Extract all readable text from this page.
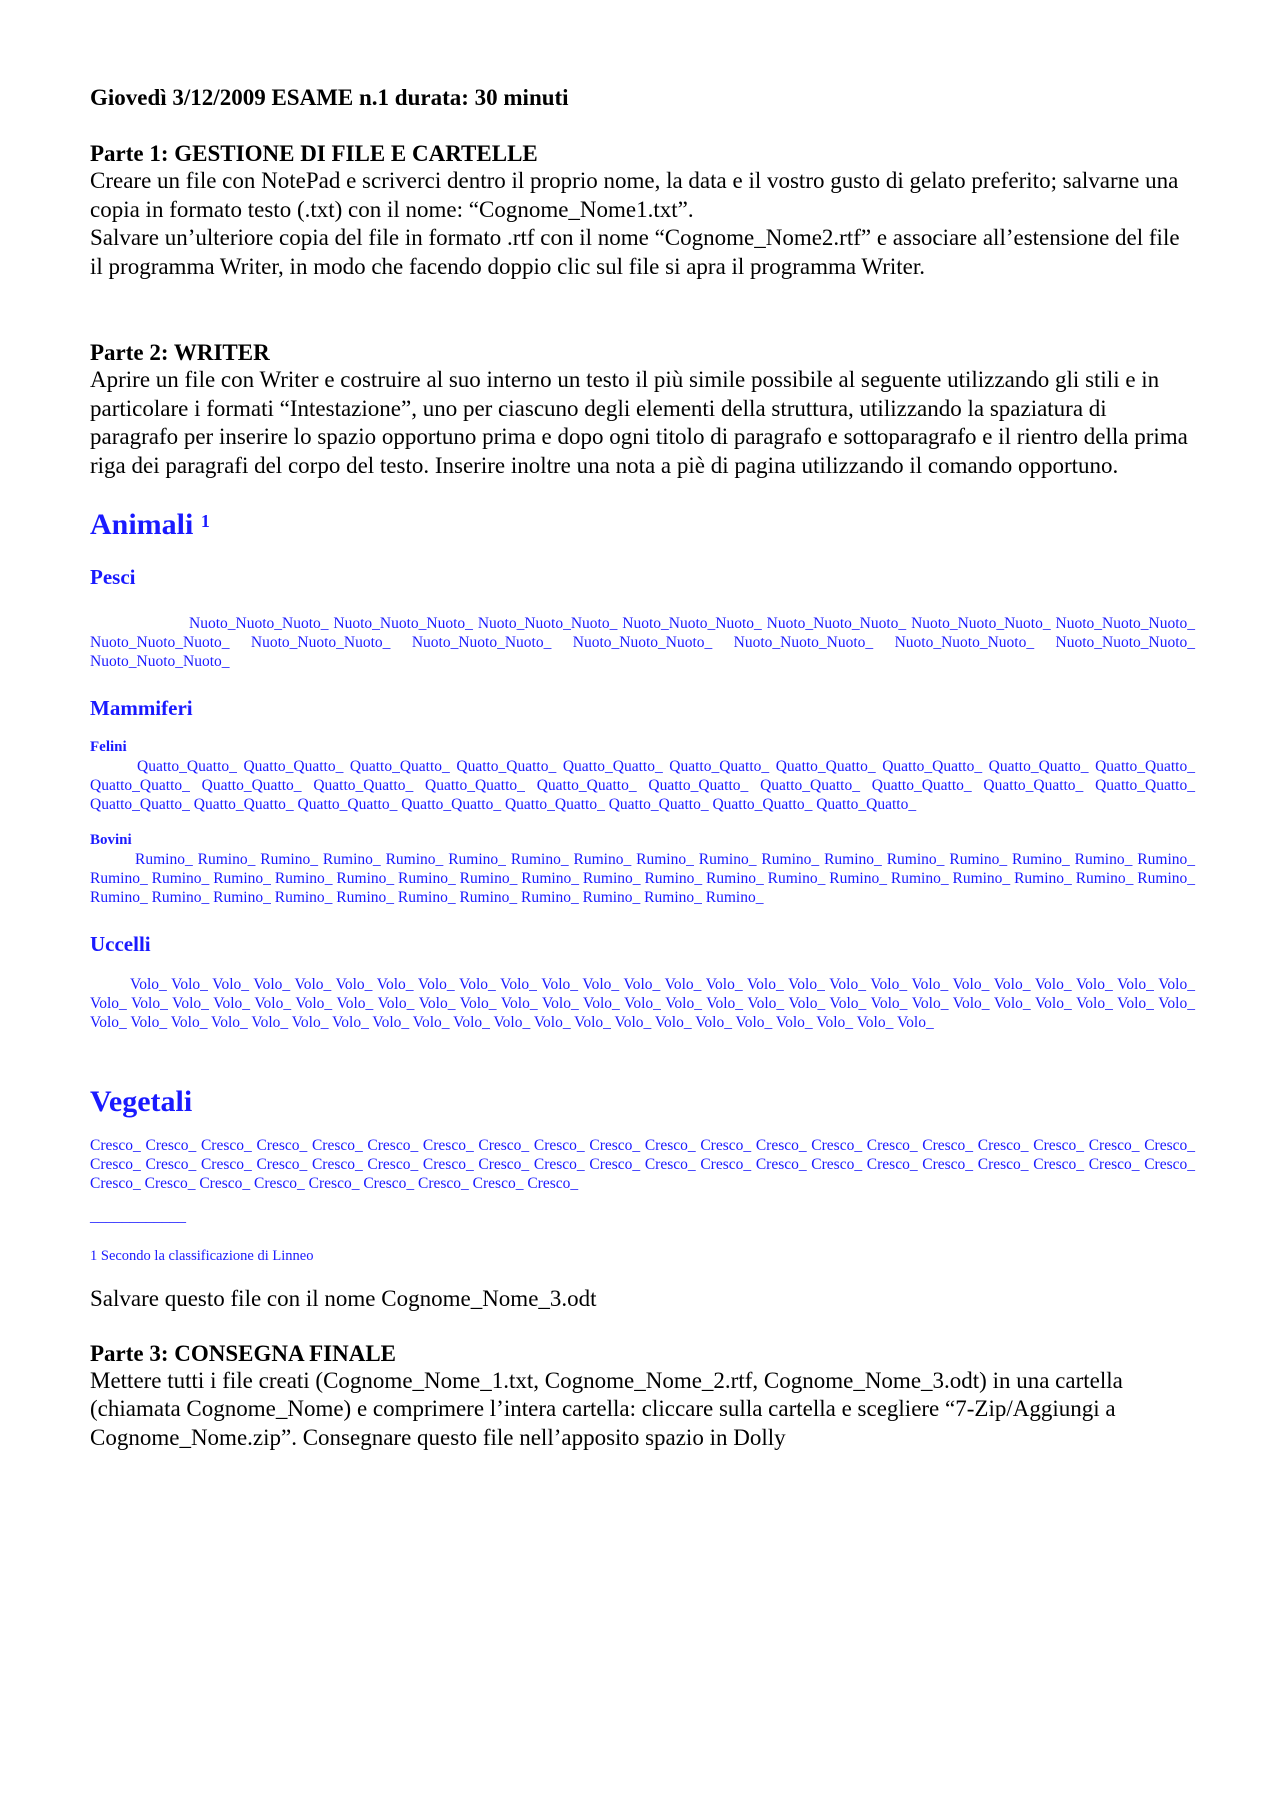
Giovedì 3/12/2009 ESAME n.1 durata: 30 minuti

Parte 1: GESTIONE DI FILE E CARTELLE

Creare un file con NotePad e scriverci dentro il proprio nome, la data e il vostro gusto di gelato preferito; salvarne una copia in formato testo (.txt) con il nome: “Cognome_Nome1.txt”.

Salvare un’ulteriore copia del file in formato .rtf con il nome “Cognome_Nome2.rtf” e associare all’estensione del file il programma Writer, in modo che facendo doppio clic sul file si apra il programma Writer.

Parte 2: WRITER

Aprire un file con Writer e costruire al suo interno un testo il più simile possibile al seguente utilizzando gli stili e in particolare i formati “Intestazione”, uno per ciascuno degli elementi della struttura, utilizzando la spaziatura di paragrafo per inserire lo spazio opportuno prima e dopo ogni titolo di paragrafo e sottoparagrafo e il rientro della prima riga dei paragrafi del corpo del testo. Inserire inoltre una nota a piè di pagina utilizzando il comando opportuno.

Animali $^1$

Pesci

Nuoto_Nuoto_Nuoto_ Nuoto_Nuoto_Nuoto_ Nuoto_Nuoto_Nuoto_ Nuoto_Nuoto_Nuoto_ Nuoto_Nuoto_Nuoto_ Nuoto_Nuoto_Nuoto_ Nuoto_Nuoto_Nuoto_ Nuoto_Nuoto_Nuoto_ Nuoto_Nuoto_Nuoto_ Nuoto_Nuoto_Nuoto_ Nuoto_Nuoto_Nuoto_ Nuoto_Nuoto_Nuoto_ Nuoto_Nuoto_Nuoto_ Nuoto_Nuoto_Nuoto_ Nuoto_Nuoto_Nuoto_

Mammiferi

Felini

Quatto_Quatto_ Quatto_Quatto_ Quatto_Quatto_ Quatto_Quatto_ Quatto_Quatto_ Quatto_Quatto_ Quatto_Quatto_ Quatto_Quatto_ Quatto_Quatto_ Quatto_Quatto_ Quatto_Quatto_ Quatto_Quatto_ Quatto_Quatto_ Quatto_Quatto_ Quatto_Quatto_ Quatto_Quatto_ Quatto_Quatto_ Quatto_Quatto_ Quatto_Quatto_ Quatto_Quatto_ Quatto_Quatto_ Quatto_Quatto_ Quatto_Quatto_ Quatto_Quatto_ Quatto_Quatto_ Quatto_Quatto_ Quatto_Quatto_ Quatto_Quatto_

Bovini

Rumino_ Rumino_ Rumino_ Rumino_ Rumino_ Rumino_ Rumino_ Rumino_ Rumino_ Rumino_ Rumino_ Rumino_ Rumino_ Rumino_ Rumino_ Rumino_ Rumino_ Rumino_ Rumino_ Rumino_ Rumino_ Rumino_ Rumino_ Rumino_ Rumino_ Rumino_ Rumino_ Rumino_ Rumino_ Rumino_ Rumino_ Rumino_ Rumino_ Rumino_ Rumino_ Rumino_ Rumino_ Rumino_ Rumino_ Rumino_ Rumino_ Rumino_ Rumino_ Rumino_ Rumino_ Rumino_

Uccelli

Volo_ Volo_ Volo_ Volo_ Volo_ Volo_ Volo_ Volo_ Volo_ Volo_ Volo_ Volo_ Volo_ Volo_ Volo_ Volo_ Volo_ Volo_ Volo_ Volo_ Volo_ Volo_ Volo_ Volo_ Volo_ Volo_ Volo_ Volo_ Volo_ Volo_ Volo_ Volo_ Volo_ Volo_ Volo_ Volo_ Volo_ Volo_ Volo_ Volo_ Volo_ Volo_ Volo_ Volo_ Volo_ Volo_ Volo_ Volo_ Volo_ Volo_ Volo_ Volo_ Volo_ Volo_ Volo_ Volo_ Volo_ Volo_ Volo_ Volo_ Volo_ Volo_ Volo_ Volo_ Volo_ Volo_ Volo_ Volo_ Volo_ Volo_ Volo_ Volo_ Volo_ Volo_

Vegetali

Cresco_ Cresco_ Cresco_ Cresco_ Cresco_ Cresco_ Cresco_ Cresco_ Cresco_ Cresco_ Cresco_ Cresco_ Cresco_ Cresco_ Cresco_ Cresco_ Cresco_ Cresco_ Cresco_ Cresco_ Cresco_ Cresco_ Cresco_ Cresco_ Cresco_ Cresco_ Cresco_ Cresco_ Cresco_ Cresco_ Cresco_ Cresco_ Cresco_ Cresco_ Cresco_ Cresco_ Cresco_ Cresco_ Cresco_ Cresco_ Cresco_ Cresco_ Cresco_ Cresco_ Cresco_ Cresco_ Cresco_ Cresco_ Cresco_

____________

1 Secondo la classificazione di Linneo

Salvare questo file con il nome Cognome_Nome_3.odt

Parte 3: CONSEGNA FINALE

Mettere tutti i file creati (Cognome_Nome_1.txt, Cognome_Nome_2.rtf, Cognome_Nome_3.odt) in una cartella (chiamata Cognome_Nome) e comprimere l’intera cartella: cliccare sulla cartella e scegliere “7-Zip/Aggiungi a Cognome_Nome.zip”. Consegnare questo file nell’apposito spazio in Dolly
